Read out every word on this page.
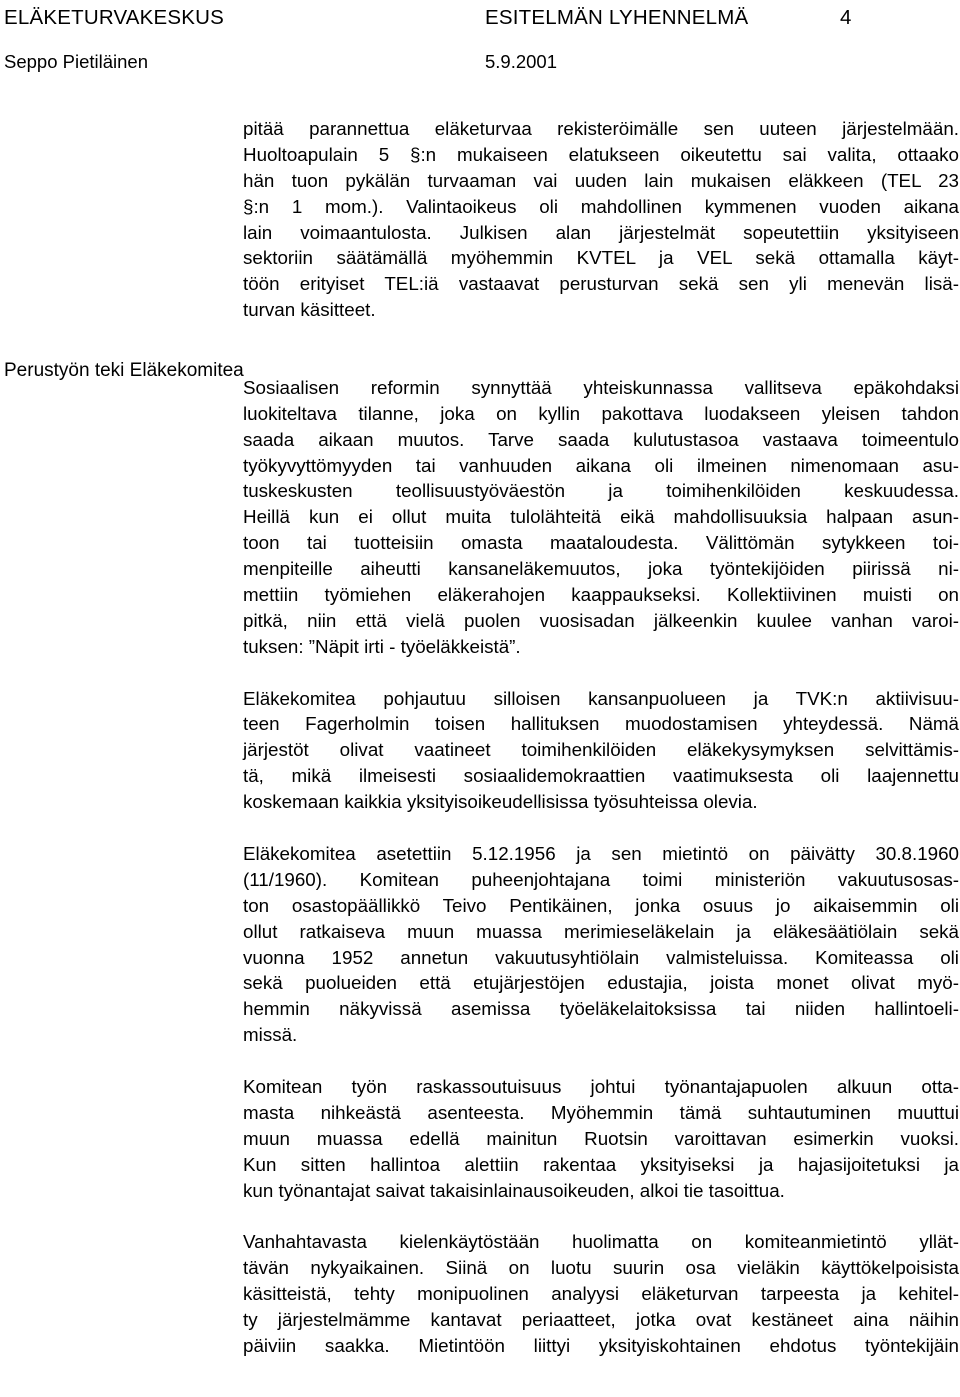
ELÄKETURVAKESKUS	ESITELMÄN LYHENNELMÄ	4
Seppo Pietiläinen	5.9.2001
Perustyön teki Eläkekomitea

pitää parannettua eläketurvaa rekisteröimälle sen uuteen järjestelmään.
Huoltoapulain 5 §:n mukaiseen elatukseen oikeutettu sai valita, ottaako
hän tuon pykälän turvaaman vai uuden lain mukaisen eläkkeen (TEL 23
§:n 1 mom.). Valintaoikeus oli mahdollinen kymmenen vuoden aikana
lain voimaantulosta. Julkisen alan järjestelmät sopeutettiin yksityiseen
sektoriin säätämällä myöhemmin KVTEL ja VEL sekä ottamalla käyt-
töön erityiset TEL:iä vastaavat perusturvan sekä sen yli menevän lisä-
turvan käsitteet.

Sosiaalisen reformin synnyttää yhteiskunnassa vallitseva epäkohdaksi
luokiteltava tilanne, joka on kyllin pakottava luodakseen yleisen tahdon
saada aikaan muutos. Tarve saada kulutustasoa vastaava toimeentulo
työkyvyttömyyden tai vanhuuden aikana oli ilmeinen nimenomaan asu-
tuskeskusten teollisuustyöväestön ja toimihenkilöiden keskuudessa.
Heillä kun ei ollut muita tulolähteitä eikä mahdollisuuksia halpaan asun-
toon tai tuotteisiin omasta maataloudesta. Välittömän sytykkeen toi-
menpiteille aiheutti kansaneläkemuutos, joka työntekijöiden piirissä ni-
mettiin työmiehen eläkerahojen kaappaukseksi. Kollektiivinen muisti on
pitkä, niin että vielä puolen vuosisadan jälkeenkin kuulee vanhan varoi-
tuksen: ”Näpit irti - työeläkkeistä”.

Eläkekomitea pohjautuu silloisen kansanpuolueen ja TVK:n aktiivisuu-
teen Fagerholmin toisen hallituksen muodostamisen yhteydessä. Nämä
järjestöt olivat vaatineet toimihenkilöiden eläkekysymyksen selvittämis-
tä, mikä ilmeisesti sosiaalidemokraattien vaatimuksesta oli laajennettu
koskemaan kaikkia yksityisoikeudellisissa työsuhteissa olevia.

Eläkekomitea asetettiin 5.12.1956 ja sen mietintö on päivätty 30.8.1960
(11/1960). Komitean puheenjohtajana toimi ministeriön vakuutusosas-
ton osastopäällikkö Teivo Pentikäinen, jonka osuus jo aikaisemmin oli
ollut ratkaiseva muun muassa merimieseläkelain ja eläkesäätiölain sekä
vuonna 1952 annetun vakuutusyhtiölain valmisteluissa. Komiteassa oli
sekä puolueiden että etujärjestöjen edustajia, joista monet olivat myö-
hemmin näkyvissä asemissa työeläkelaitoksissa tai niiden hallintoeli-
missä.

Komitean työn raskassoutuisuus johtui työnantajapuolen alkuun otta-
masta nihkeästä asenteesta. Myöhemmin tämä suhtautuminen muuttui
muun muassa edellä mainitun Ruotsin varoittavan esimerkin vuoksi.
Kun sitten hallintoa alettiin rakentaa yksityiseksi ja hajasijoitetuksi ja
kun työnantajat saivat takaisinlainausoikeuden, alkoi tie tasoittua.

Vanhahtavasta kielenkäytöstään huolimatta on komiteanmietintö yllät-
tävän nykyaikainen. Siinä on luotu suurin osa vieläkin käyttökelpoisista
käsitteistä, tehty monipuolinen analyysi eläketurvan tarpeesta ja kehitel-
ty järjestelmämme kantavat periaatteet, jotka ovat kestäneet aina näihin
päiviin saakka. Mietintöön liittyi yksityiskohtainen ehdotus työntekijäin
